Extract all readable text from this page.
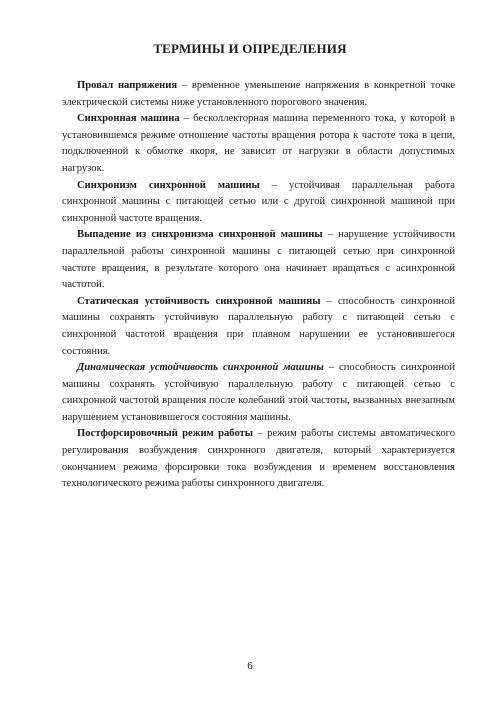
ТЕРМИНЫ И ОПРЕДЕЛЕНИЯ

Провал напряжения – временное уменьшение напряжения в конкретной точке электрической системы ниже установленного порогового значения.

Синхронная машина – бесколлекторная машина переменного тока, у которой в установившемся режиме отношение частоты вращения ротора к частоте тока в цепи, подключенной к обмотке якоря, не зависит от нагрузки в области допустимых нагрузок.

Синхронизм синхронной машины – устойчивая параллельная работа синхронной машины с питающей сетью или с другой синхронной машиной при синхронной частоте вращения.

Выпадение из синхронизма синхронной машины – нарушение устойчивости параллельной работы синхронной машины с питающей сетью при синхронной частоте вращения, в результате которого она начинает вращаться с асинхронной частотой.

Статическая устойчивость синхронной машины – способность синхронной машины сохранять устойчивую параллельную работу с питающей сетью с синхронной частотой вращения при плавном нарушении ее установившегося состояния.

Динамическая устойчивость синхронной машины – способность синхронной машины сохранять устойчивую параллельную работу с питающей сетью с синхронной частотой вращения после колебаний этой частоты, вызванных внезапным нарушением установившегося состояния машины.

Постфорсировочный режим работы – режим работы системы автоматического регулирования возбуждения синхронного двигателя, который характеризуется окончанием режима форсировки тока возбуждения и временем восстановления технологического режима работы синхронного двигателя.

6
